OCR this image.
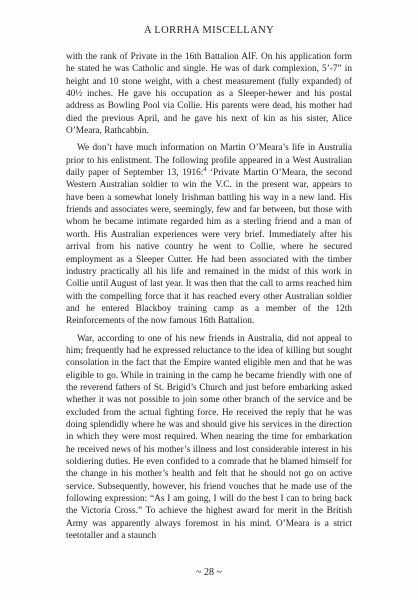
A LORRHA MISCELLANY

with the rank of Private in the 16th Battalion AIF. On his application form he stated he was Catholic and single. He was of dark complexion, 5’-7” in height and 10 stone weight, with a chest measurement (fully expanded) of 40½ inches. He gave his occupation as a Sleeper-hewer and his postal address as Bowling Pool via Collie. His parents were dead, his mother had died the previous April, and he gave his next of kin as his sister, Alice O’Meara, Rathcabbin.

We don’t have much information on Martin O’Meara’s life in Australia prior to his enlistment. The following profile appeared in a West Australian daily paper of September 13, 1916:$^4$ ‘Private Martin O’Meara, the second Western Australian soldier to win the V.C. in the present war, appears to have been a somewhat lonely Irishman battling his way in a new land. His friends and associates were, seemingly, few and far between, but those with whom he became intimate regarded him as a sterling friend and a man of worth. His Australian experiences were very brief. Immediately after his arrival from his native country he went to Collie, where he secured employment as a Sleeper Cutter. He had been associated with the timber industry practically all his life and remained in the midst of this work in Collie until August of last year. It was then that the call to arms reached him with the compelling force that it has reached every other Australian soldier and he entered Blackboy training camp as a member of the 12th Reinforcements of the now famous 16th Battalion.

War, according to one of his new friends in Australia, did not appeal to him; frequently had he expressed reluctance to the idea of killing but sought consolation in the fact that the Empire wanted eligible men and that he was eligible to go. While in training in the camp he became friendly with one of the reverend fathers of St. Brigid’s Church and just before embarking asked whether it was not possible to join some other branch of the service and be excluded from the actual fighting force. He received the reply that he was doing splendidly where he was and should give his services in the direction in which they were most required. When nearing the time for embarkation he received news of his mother’s illness and lost considerable interest in his soldiering duties. He even confided to a comrade that he blamed himself for the change in his mother’s health and felt that he should not go on active service. Subsequently, however, his friend vouches that he made use of the following expression: “As I am going, I will do the best I can to bring back the Victoria Cross.” To achieve the highest award for merit in the British Army was apparently always foremost in his mind. O’Meara is a strict teetotaller and a staunch

~ 28 ~
